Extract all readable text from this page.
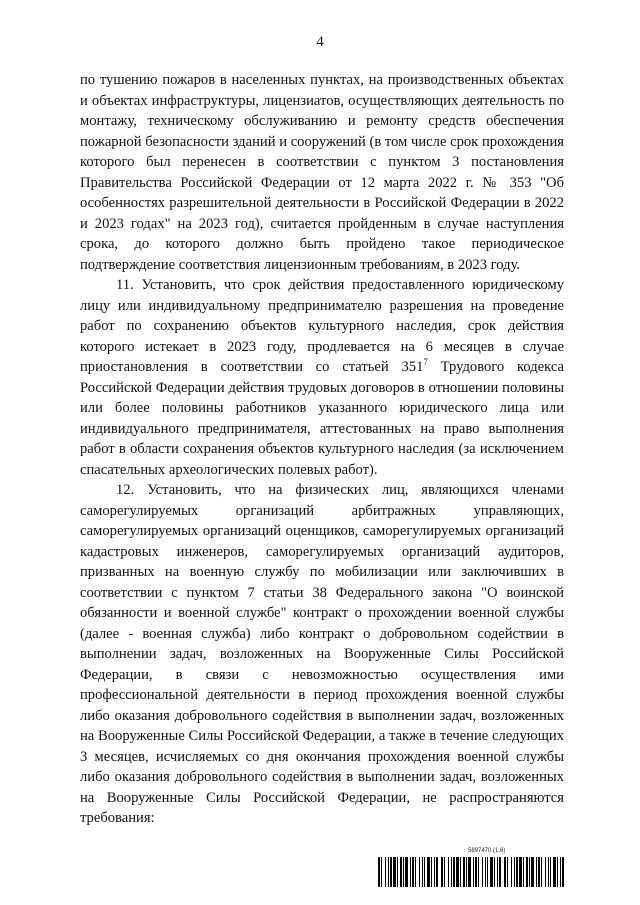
4

по тушению пожаров в населенных пунктах, на производственных объектах и объектах инфраструктуры, лицензиатов, осуществляющих деятельность по монтажу, техническому обслуживанию и ремонту средств обеспечения пожарной безопасности зданий и сооружений (в том числе срок прохождения которого был перенесен в соответствии с пунктом 3 постановления Правительства Российской Федерации от 12 марта 2022 г. № 353 "Об особенностях разрешительной деятельности в Российской Федерации в 2022 и 2023 годах" на 2023 год), считается пройденным в случае наступления срока, до которого должно быть пройдено такое периодическое подтверждение соответствия лицензионным требованиям, в 2023 году.

11. Установить, что срок действия предоставленного юридическому лицу или индивидуальному предпринимателю разрешения на проведение работ по сохранению объектов культурного наследия, срок действия которого истекает в 2023 году, продлевается на 6 месяцев в случае приостановления в соответствии со статьей $351^7$ Трудового кодекса Российской Федерации действия трудовых договоров в отношении половины или более половины работников указанного юридического лица или индивидуального предпринимателя, аттестованных на право выполнения работ в области сохранения объектов культурного наследия (за исключением спасательных археологических полевых работ).

12. Установить, что на физических лиц, являющихся членами саморегулируемых организаций арбитражных управляющих, саморегулируемых организаций оценщиков, саморегулируемых организаций кадастровых инженеров, саморегулируемых организаций аудиторов, призванных на военную службу по мобилизации или заключивших в соответствии с пунктом 7 статьи 38 Федерального закона "О воинской обязанности и военной службе" контракт о прохождении военной службы (далее - военная служба) либо контракт о добровольном содействии в выполнении задач, возложенных на Вооруженные Силы Российской Федерации, в связи с невозможностью осуществления ими профессиональной деятельности в период прохождения военной службы либо оказания добровольного содействия в выполнении задач, возложенных на Вооруженные Силы Российской Федерации, а также в течение следующих 3 месяцев, исчисляемых со дня окончания прохождения военной службы либо оказания добровольного содействия в выполнении задач, возложенных на Вооруженные Силы Российской Федерации, не распространяются требования:

5897470 (1.6)
